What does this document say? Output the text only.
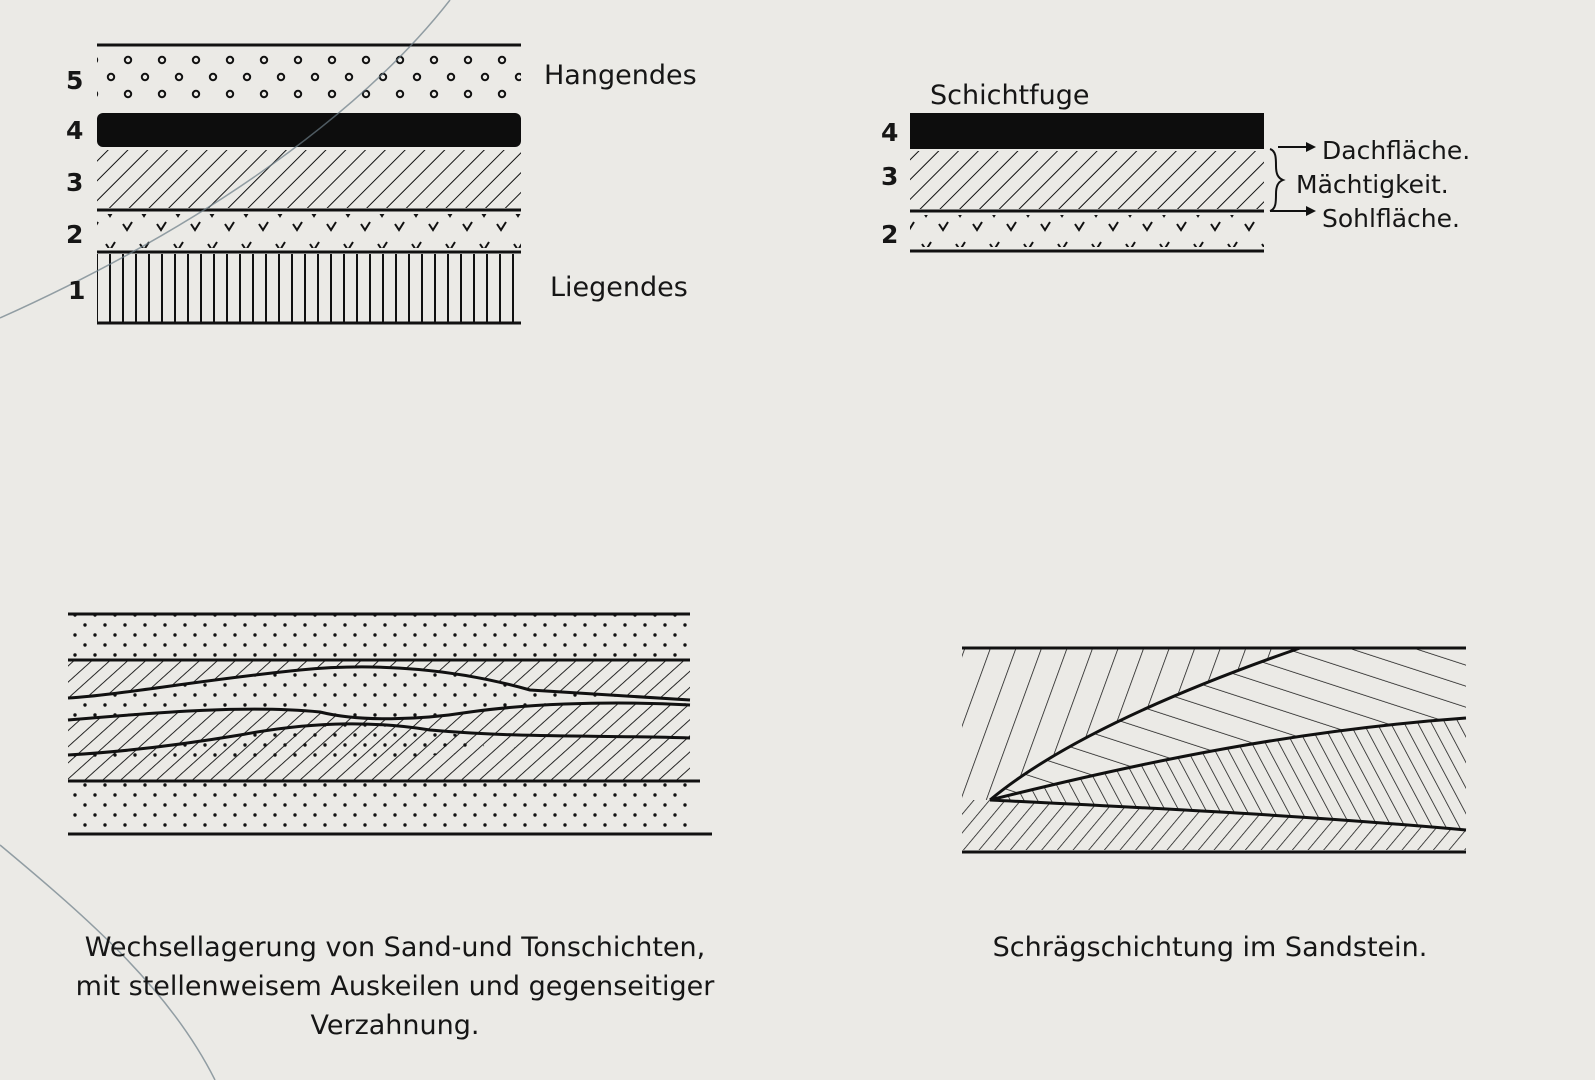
5
4
3
2
1
Hangendes
Liegendes
Schichtfuge
4
3
2
Dachfläche.
Mächtigkeit.
Sohlfläche.
Wechsellagerung von Sand-und Tonschichten,
mit stellenweisem Auskeilen und gegenseitiger
Verzahnung.
Schrägschichtung im Sandstein.
